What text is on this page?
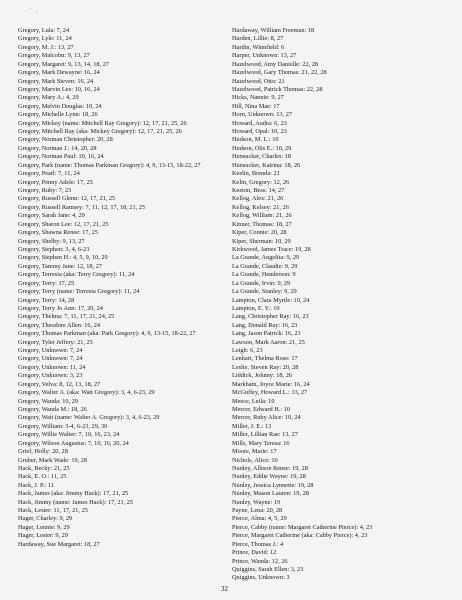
' · ,
Gregory, Lula: 7, 24
Gregory, Lyle: 11, 24
Gregory, M. J.: 13, 27
Gregory, Malcolm: 9, 13, 27
Gregory, Margaret: 9, 13, 14, 18, 27
Gregory, Mark Dewayne: 16, 24
Gregory, Mark Steven: 16, 24
Gregory, Marvin Lee: 10, 16, 24
Gregory, Mary A.: 4, 29
Gregory, Melvin Douglas: 10, 24
Gregory, Michelle Lynn: 18, 26
Gregory, Mickey (name: Mitchell Ray Gregory): 12, 17, 21, 25, 26
Gregory, Mitchell Ray (aka: Mickey Gregory): 12, 17, 21, 25, 26
Gregory, Norman Christopher: 20, 28
Gregory, Norman J.: 14, 20, 28
Gregory, Norman Paul: 10, 16, 24
Gregory, Park (name: Thomas Parkman Gregory): 4, 9, 13-15, 18-22, 27
Gregory, Pearl: 7, 11, 24
Gregory, Penny Adele: 17, 25
Gregory, Ruby: 7, 23
Gregory, Russell Glenn: 12, 17, 21, 25
Gregory, Russell Ramsey: 7, 11, 12, 17, 18, 21, 25
Gregory, Sarah Jane: 4, 29
Gregory, Sharon Lee: 12, 17, 21, 25
Gregory, Shawna Renee: 17, 25
Gregory, Shelby: 9, 13, 27
Gregory, Stephen: 3, 4, 6-23
Gregory, Stephen H.: 4, 5, 9, 10, 29
Gregory, Tammy Jane: 12, 18, 27
Gregory, Terresia (aka: Terry Gregory): 11, 24
Gregory, Terry: 17, 25
Gregory, Terry (name: Terresia Gregory): 11, 24
Gregory, Terry: 14, 28
Gregory, Terry Jo Ann: 17, 20, 24
Gregory, Thelma: 7, 11, 17, 21, 24, 25
Gregory, Theodore Allen: 16, 24
Gregory, Thomas Parkman (aka: Park Gregory): 4, 9, 13-15, 18-22, 27
Gregory, Tyler Jeffery: 21, 25
Gregory, Unknown: 7, 24
Gregory, Unknown: 7, 24
Gregory, Unknown: 11, 24
Gregory, Unknown: 3, 23
Gregory, Velva: 8, 12, 13, 18, 27
Gregory, Walter A. (aka: Watt Gregory): 3, 4, 6-23, 29
Gregory, Wanda: 10, 29
Gregory, Wanda M.: 18, 26
Gregory, Watt (name: Walter A. Gregory): 3, 4, 6-23, 29
Gregory, William: 3-4, 6-23, 29, 30
Gregory, Willie Walter: 7, 10, 16, 23, 24
Gregory, Wilson Augustus: 7, 10, 16, 20, 24
Grief, Holly: 20, 28
Gruber, Mark Wade: 19, 28
Hack, Becky: 21, 25
Hack, E. O.: 11, 25
Hack, J. P.: 11
Hack, James (aka: Jimmy Hack): 17, 21, 25
Hack, Jimmy (name: James Hack): 17, 21, 25
Hack, Lester: 11, 17, 21, 25
Hager, Charley: 9, 29
Hager, Lennie: 9, 29
Hager, Lester: 9, 29
Hardaway, Sue Margaret: 18, 27
Hardaway, William Freeman: 18
Harden, Lillie: 8, 27
Hardin, Winnfield: 6
Harper, Unknown: 13, 27
Hazelwood, Amy Danielle: 22, 28
Hazelwood, Gary Thomas: 21, 22, 28
Hazelwood, Otto: 21
Hazelwood, Patrick Thomas: 22, 28
Hicks, Nannie: 9, 27
Hill, Nina Mae: 17
Horn, Unknown: 13, 27
Howard, Audra: 6, 23
Howard, Opal: 10, 23
Hudson, M. L.: 10
Hudson, Olis E.: 10, 29
Hunsucker, Charles: 18
Hunsucker, Katrina: 18, 26
Keelin, Brenda: 21
Kelin, Gregory: 12, 26
Keeton, Bess: 14, 27
Kellog, Alex: 21, 26
Kellog, Kelsey: 21, 26
Kellog, William: 21, 26
Kinner, Thomas: 18, 27
Kiper, Connie: 20, 28
Kiper, Sherman: 10, 29
Kirkwood, James Trace: 19, 28
La Grande, Angelita: 9, 29
La Grande, Claudie: 9, 29
La Grande, Henderson: 9
La Grande, Irvin: 9, 29
La Grande, Stanley: 9, 29
Lampton, Clara Myrtle: 10, 24
Lampton, E. Y.: 10
Lang, Christopher Ray: 16, 23
Lang, Donald Ray: 16, 23
Lang, Jason Patrick: 16, 23
Lawson, Mark Aaron: 21, 25
Leigh: 6, 23
Lenhart, Thelma Rose: 17
Leslie, Steven Ray: 20, 28
Liddick, Johnny: 18, 26
Markham, Joyce Marie: 16, 24
McGuffey, Howard L.: 13, 27
Meece, Leila: 10
Mercer, Edward H.: 10
Mercer, Ruby Alice: 10, 24
Miller, J. E.: 13
Miller, Lillian Rae: 13, 27
Mills, Mary Teresa: 16
Moore, Marie: 17
Nichols, Alice: 10
Nunley, Allison Renee: 19, 28
Nunley, Eddie Wayne: 19, 28
Nunley, Jessica Lynnette: 19, 28
Nunley, Mason Lauren: 19, 28
Nunley, Wayne: 19
Payne, Lena: 20, 28
Pierce, Alma: 4, 5, 29
Pierce, Cabby (name: Margaret Catherine Pierce): 4, 23
Pierce, Margaret Catherine (aka: Cabby Pierce): 4, 23
Pierce, Thomas J.: 4
Prince, David: 12
Prince, Wanda: 12, 26
Quiggins, Sarah Ellen: 3, 23
Quiggins, Unknown: 3
32
